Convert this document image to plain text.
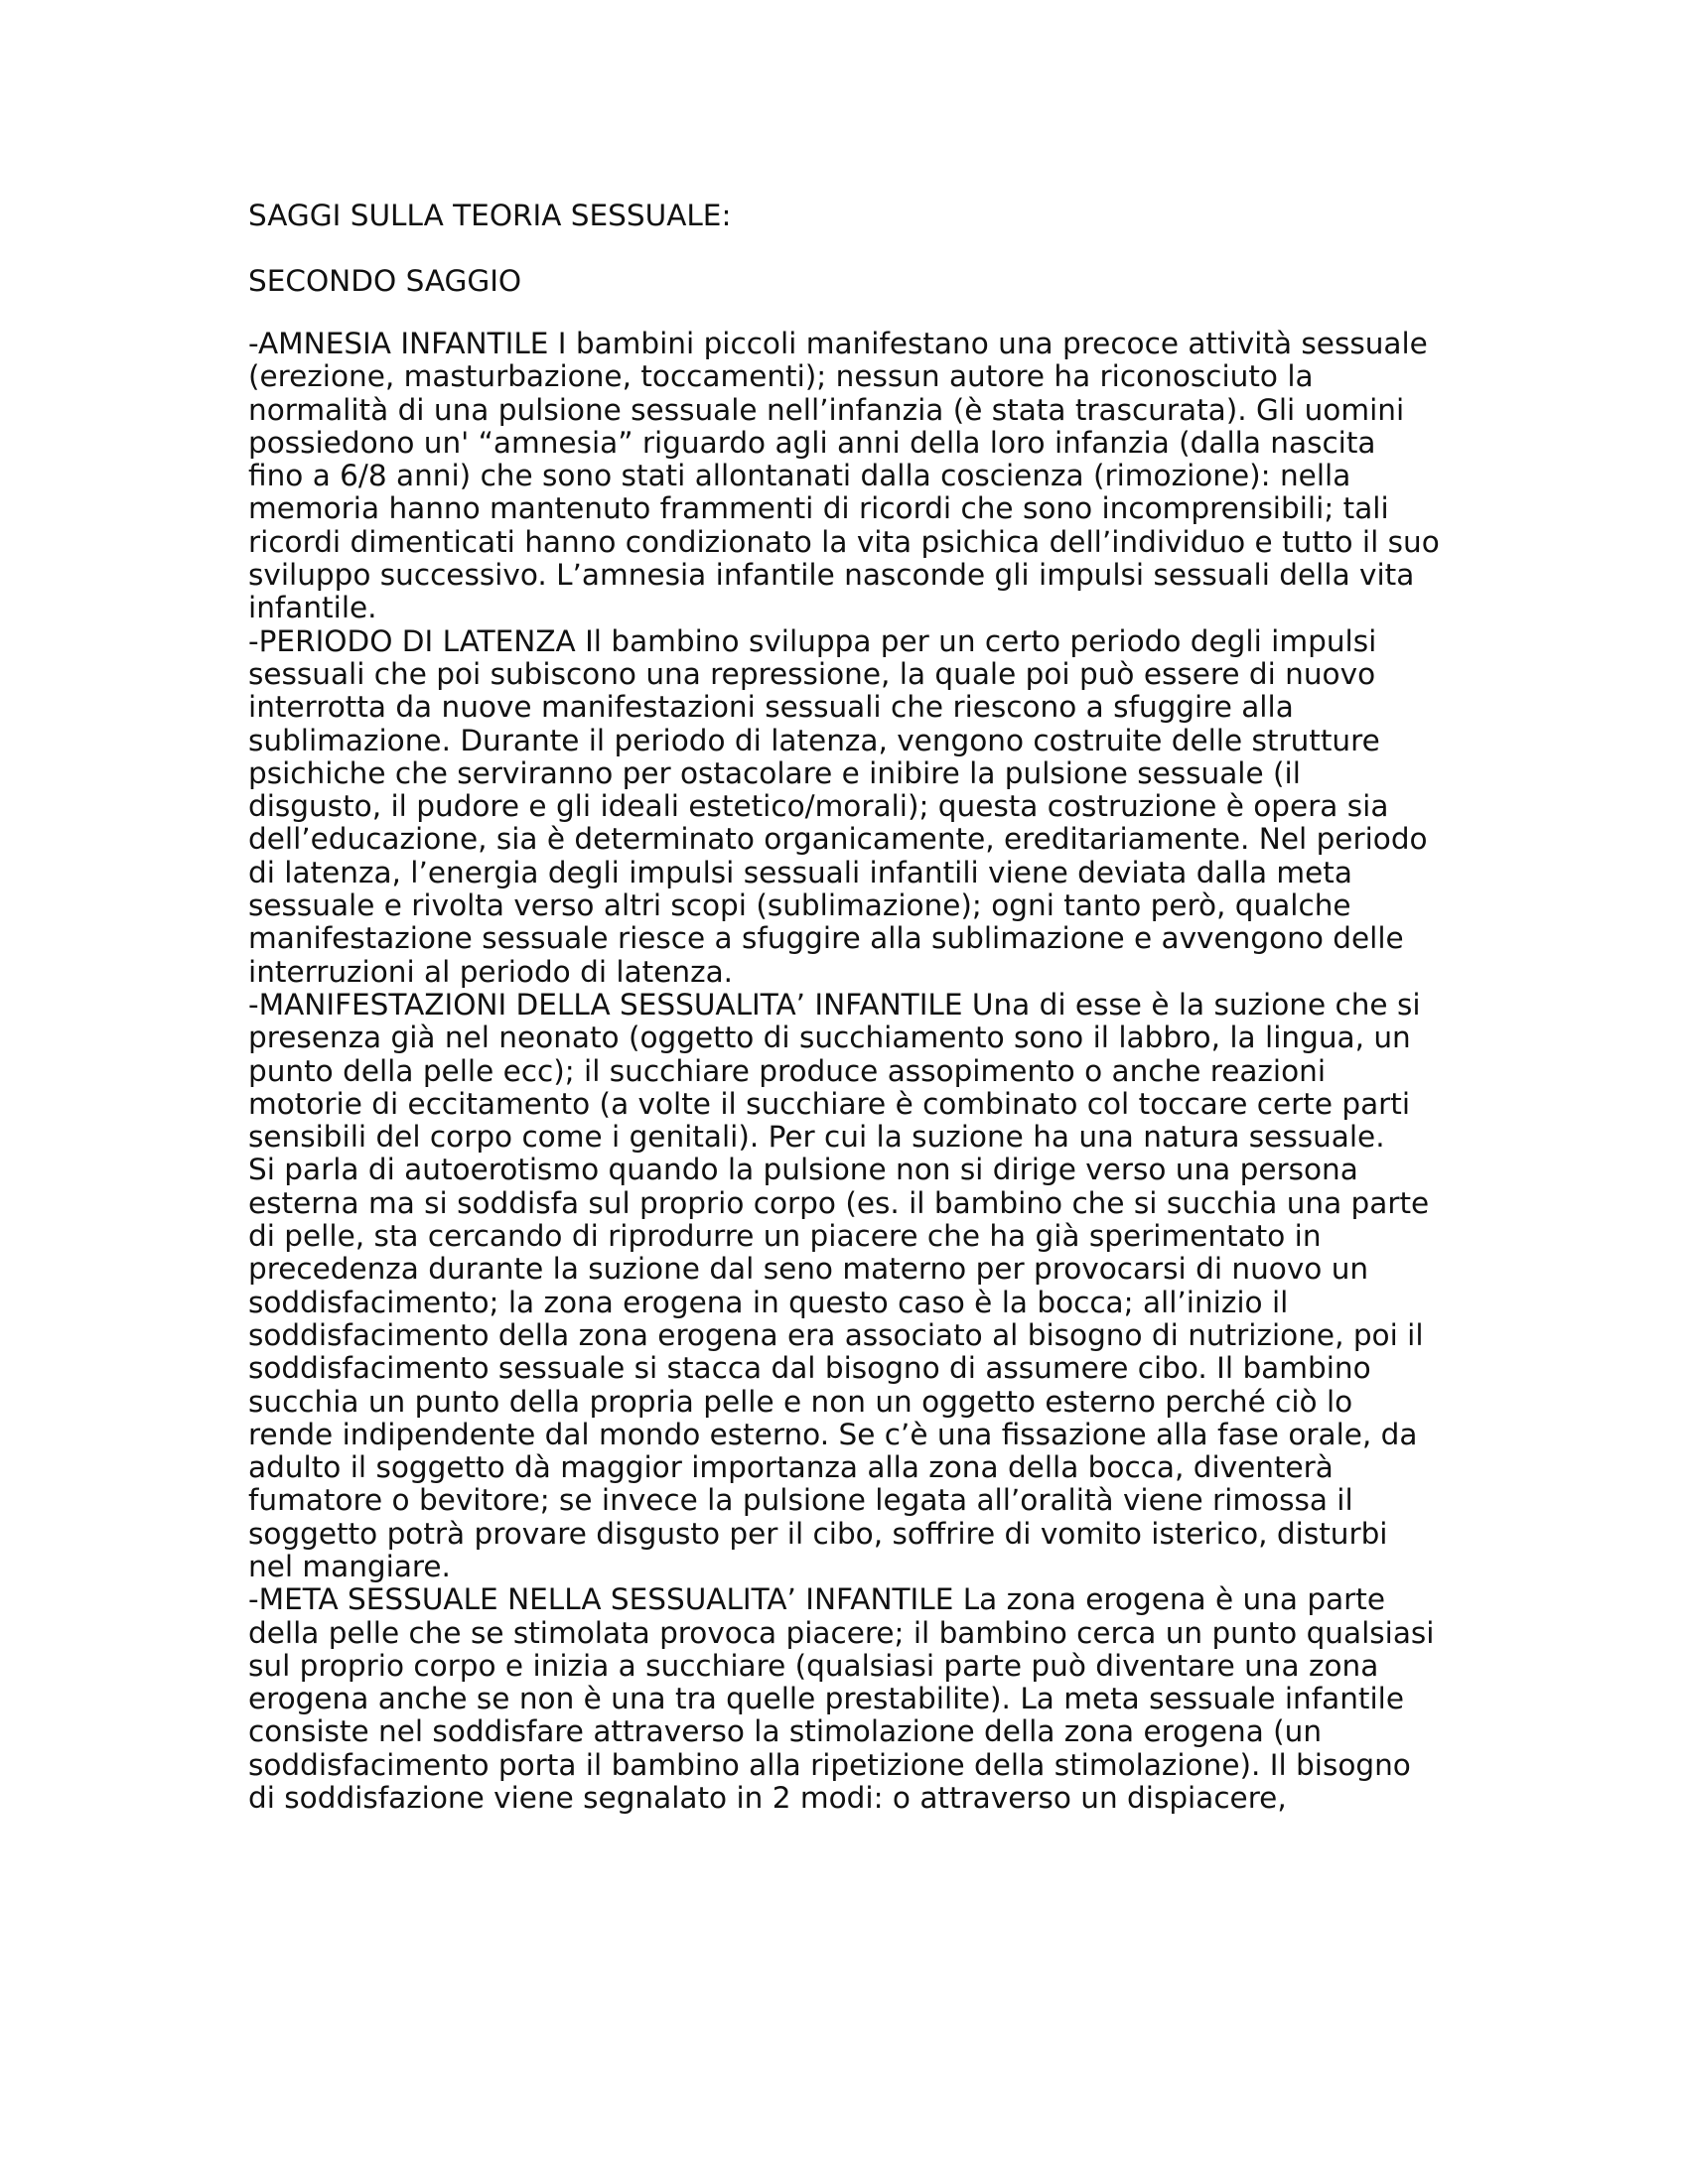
SAGGI SULLA TEORIA SESSUALE:
SECONDO SAGGIO

-AMNESIA INFANTILE I bambini piccoli manifestano una precoce attività sessuale (erezione, masturbazione, toccamenti); nessun autore ha riconosciuto la normalità di una pulsione sessuale nell’infanzia (è stata trascurata). Gli uomini possiedono un' “amnesia” riguardo agli anni della loro infanzia (dalla nascita fino a 6/8 anni) che sono stati allontanati dalla coscienza (rimozione): nella memoria hanno mantenuto frammenti di ricordi che sono incomprensibili; tali ricordi dimenticati hanno condizionato la vita psichica dell’individuo e tutto il suo sviluppo successivo. L’amnesia infantile nasconde gli impulsi sessuali della vita infantile.

-PERIODO DI LATENZA Il bambino sviluppa per un certo periodo degli impulsi sessuali che poi subiscono una repressione, la quale poi può essere di nuovo interrotta da nuove manifestazioni sessuali che riescono a sfuggire alla sublimazione. Durante il periodo di latenza, vengono costruite delle strutture psichiche che serviranno per ostacolare e inibire la pulsione sessuale (il disgusto, il pudore e gli ideali estetico/morali); questa costruzione è opera sia dell’educazione, sia è determinato organicamente, ereditariamente. Nel periodo di latenza, l’energia degli impulsi sessuali infantili viene deviata dalla meta sessuale e rivolta verso altri scopi (sublimazione); ogni tanto però, qualche manifestazione sessuale riesce a sfuggire alla sublimazione e avvengono delle interruzioni al periodo di latenza.

-MANIFESTAZIONI DELLA SESSUALITA’ INFANTILE Una di esse è la suzione che si presenza già nel neonato (oggetto di succhiamento sono il labbro, la lingua, un punto della pelle ecc); il succhiare produce assopimento o anche reazioni motorie di eccitamento (a volte il succhiare è combinato col toccare certe parti sensibili del corpo come i genitali). Per cui la suzione ha una natura sessuale.

Si parla di autoerotismo quando la pulsione non si dirige verso una persona esterna ma si soddisfa sul proprio corpo (es. il bambino che si succhia una parte di pelle, sta cercando di riprodurre un piacere che ha già sperimentato in precedenza durante la suzione dal seno materno per provocarsi di nuovo un soddisfacimento; la zona erogena in questo caso è la bocca; all’inizio il soddisfacimento della zona erogena era associato al bisogno di nutrizione, poi il soddisfacimento sessuale si stacca dal bisogno di assumere cibo. Il bambino succhia un punto della propria pelle e non un oggetto esterno perché ciò lo rende indipendente dal mondo esterno. Se c’è una fissazione alla fase orale, da adulto il soggetto dà maggior importanza alla zona della bocca, diventerà fumatore o bevitore; se invece la pulsione legata all’oralità viene rimossa il soggetto potrà provare disgusto per il cibo, soffrire di vomito isterico, disturbi nel mangiare.

-META SESSUALE NELLA SESSUALITA’ INFANTILE La zona erogena è una parte della pelle che se stimolata provoca piacere; il bambino cerca un punto qualsiasi sul proprio corpo e inizia a succhiare (qualsiasi parte può diventare una zona erogena anche se non è una tra quelle prestabilite). La meta sessuale infantile consiste nel soddisfare attraverso la stimolazione della zona erogena (un soddisfacimento porta il bambino alla ripetizione della stimolazione). Il bisogno di soddisfazione viene segnalato in 2 modi: o attraverso un dispiacere,
